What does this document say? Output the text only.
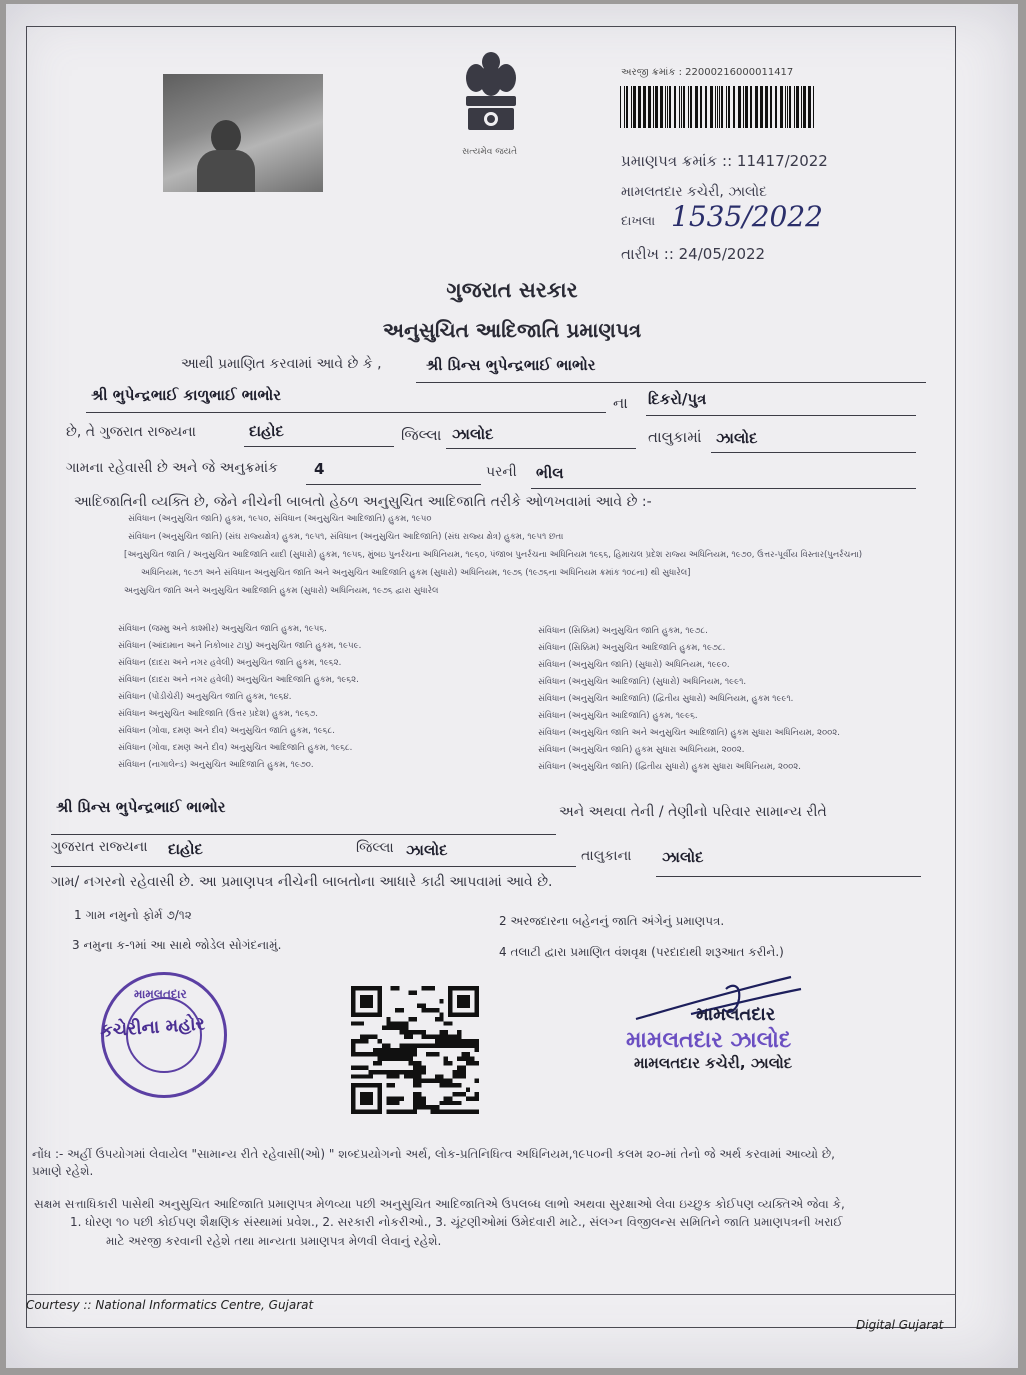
સત્યમેવ જયતે
અરજી ક્રમાંક : 22000216000011417
પ્રમાણપત્ર ક્રમાંક :: 11417/2022
મામલતદાર કચેરી, ઝાલોદ
દાખલા 1535/2022
તારીખ :: 24/05/2022
ગુજરાત સરકાર
અનુસુચિત આદિજાતિ પ્રમાણપત્ર
આથી પ્રમાણિત કરવામાં આવે છે કે ,	શ્રી પ્રિન્સ ભુપેન્દ્રભાઈ ભાભોર
શ્રી ભુપેન્દ્રભાઈ કાળુભાઈ ભાભોર	ના દિકરો/પુત્ર
છે, તે ગુજરાત રાજ્યના	દાહોદ	જિલ્લા ઝાલોદ	તાલુકામાં ઝાલોદ
ગામના રહેવાસી છે અને જે અનુક્રમાંક 4	પરની ભીલ
આદિજાતિની વ્યક્તિ છે, જેને નીચેની બાબતો હેઠળ અનુસુચિત આદિજાતિ તરીકે ઓળખવામાં આવે છે :-
સંવિધાન (અનુસુચિત જાતિ) હુકમ, ૧૯૫૦, સંવિધાન (અનુસુચિત આદિજાતિ) હુકમ, ૧૯૫૦
સંવિધાન (અનુસુચિત જાતિ) (સંઘ રાજ્યક્ષેત્ર) હુકમ, ૧૯૫૧, સંવિધાન (અનુસુચિત આદિજાતિ) (સંઘ રાજ્ય ક્ષેત્ર) હુકમ, ૧૯૫૧ છતા
[અનુસુચિત જાતિ / અનુસુચિત આદિજાતિ યાદી (સુધારો) હુકમ, ૧૯૫૬, મુંબઇ પુનર્રચના અધિનિયમ, ૧૯૬૦, પંજાબ પુનર્રચના અધિનિયમ ૧૯૬૬, હિમાચલ પ્રદેશ રાજ્ય અધિનિયમ, ૧૯૭૦, ઉત્તર-પૂર્વીય વિસ્તાર(પુનર્રચના)
અધિનિયમ, ૧૯૭૧ અને સંવિધાન અનુસુચિત જાતિ અને અનુસુચિત આદિજાતિ હુકમ (સુધારો) અધિનિયમ, ૧૯૭૬ (૧૯૭૬ના અધિનિયમ ક્રમાંક ૧૦૮ના) થી સુધારેલ]
અનુસુચિત જાતિ અને અનુસુચિત આદિજાતિ હુકમ (સુધારો) અધિનિયમ, ૧૯૭૬ દ્વારા સુધારેલ
સંવિધાન (જમ્મુ અને કાશ્મીર) અનુસુચિત જાતિ હુકમ, ૧૯૫૬.
સંવિધાન (આંદામાન અને નિકોબાર ટાપુ) અનુસુચિત જાતિ હુકમ, ૧૯૫૯.
સંવિધાન (દાદરા અને નગર હવેલી) અનુસુચિત જાતિ હુકમ, ૧૯૬૨.
સંવિધાન (દાદરા અને નગર હવેલી) અનુસુચિત આદિજાતિ હુકમ, ૧૯૬૨.
સંવિધાન (પોંડીચેરી) અનુસુચિત જાતિ હુકમ, ૧૯૬૪.
સંવિધાન અનુસુચિત આદિજાતિ (ઉત્તર પ્રદેશ) હુકમ, ૧૯૬૭.
સંવિધાન (ગોવા, દમણ અને દીવ) અનુસુચિત જાતિ હુકમ, ૧૯૬૮.
સંવિધાન (ગોવા, દમણ અને દીવ) અનુસુચિત આદિજાતિ હુકમ, ૧૯૬૮.
સંવિધાન (નાગાલેન્ડ) અનુસુચિત આદિજાતિ હુકમ, ૧૯૭૦.
સંવિધાન (સિક્કિમ) અનુસુચિત જાતિ હુકમ, ૧૯૭૮.
સંવિધાન (સિક્કિમ) અનુસુચિત આદિજાતિ હુકમ, ૧૯૭૮.
સંવિધાન (અનુસુચિત જાતિ) (સુધારો) અધિનિયમ, ૧૯૯૦.
સંવિધાન (અનુસુચિત આદિજાતિ) (સુધારો) અધિનિયમ, ૧૯૯૧.
સંવિધાન (અનુસુચિત આદિજાતિ) (દ્વિતીય સુધારો) અધિનિયમ, હુકમ ૧૯૯૧.
સંવિધાન (અનુસુચિત આદિજાતિ) હુકમ, ૧૯૯૬.
સંવિધાન (અનુસુચિત જાતિ અને અનુસુચિત આદિજાતિ) હુકમ સુધારા અધિનિયમ, ૨૦૦૨.
સંવિધાન (અનુસુચિત જાતિ) હુકમ સુધારા અધિનિયમ, ૨૦૦૨.
સંવિધાન (અનુસુચિત જાતિ) (દ્વિતીય સુધારો) હુકમ સુધારા અધિનિયમ, ૨૦૦૨.
શ્રી પ્રિન્સ ભુપેન્દ્રભાઈ ભાભોર	અને અથવા તેની / તેણીનો પરિવાર સામાન્ય રીતે
ગુજરાત રાજ્યના દાહોદ	જિલ્લા ઝાલોદ	તાલુકાના ઝાલોદ
ગામ/ નગરનો રહેવાસી છે. આ પ્રમાણપત્ર નીચેની બાબતોના આધારે કાઢી આપવામાં આવે છે.
1 ગામ નમુનો ફોર્મ ૭/૧૨	2 અરજદારના બહેનનું જાતિ અંગેનું પ્રમાણપત્ર.
3 નમુના ક-૧માં આ સાથે જોડેલ સોગંદનામું.	4 તલાટી દ્વારા પ્રમાણિત વંશવૃક્ષ (પરદાદાથી શરૂઆત કરીને.)
મામલતદાર
કચેરીના મહોર	મામલતદાર
મામલતદાર ઝાલોદ
મામલતદાર કચેરી, ઝાલોદ
નોંધ :- અહીં ઉપયોગમાં લેવાયેલ "સામાન્ય રીતે રહેવાસી(ઓ) " શબ્દપ્રયોગનો અર્થ, લોક-પ્રતિનિધિત્વ અધિનિયમ,૧૯૫૦ની કલમ ૨૦-માં તેનો જે અર્થ કરવામાં આવ્યો છે,
પ્રમાણે રહેશે.
સક્ષમ સત્તાધિકારી પાસેથી અનુસુચિત આદિજાતિ પ્રમાણપત્ર મેળવ્યા પછી અનુસુચિત આદિજાતિએ ઉપલબ્ધ લાભો અથવા સુરક્ષાઓ લેવા ઇચ્છુક કોઈપણ વ્યક્તિએ જેવા કે,
1. ધોરણ ૧૦ પછી કોઈપણ શૈક્ષણિક સંસ્થામાં પ્રવેશ., 2. સરકારી નોકરીઓ., 3. ચૂંટણીઓમાં ઉમેદવારી માટે., સંલગ્ન વિજીલન્સ સમિતિને જાતિ પ્રમાણપત્રની ખરાઈ
માટે અરજી કરવાની રહેશે તથા માન્યતા પ્રમાણપત્ર મેળવી લેવાનું રહેશે.
Courtesy :: National Informatics Centre, Gujarat
Digital Gujarat
